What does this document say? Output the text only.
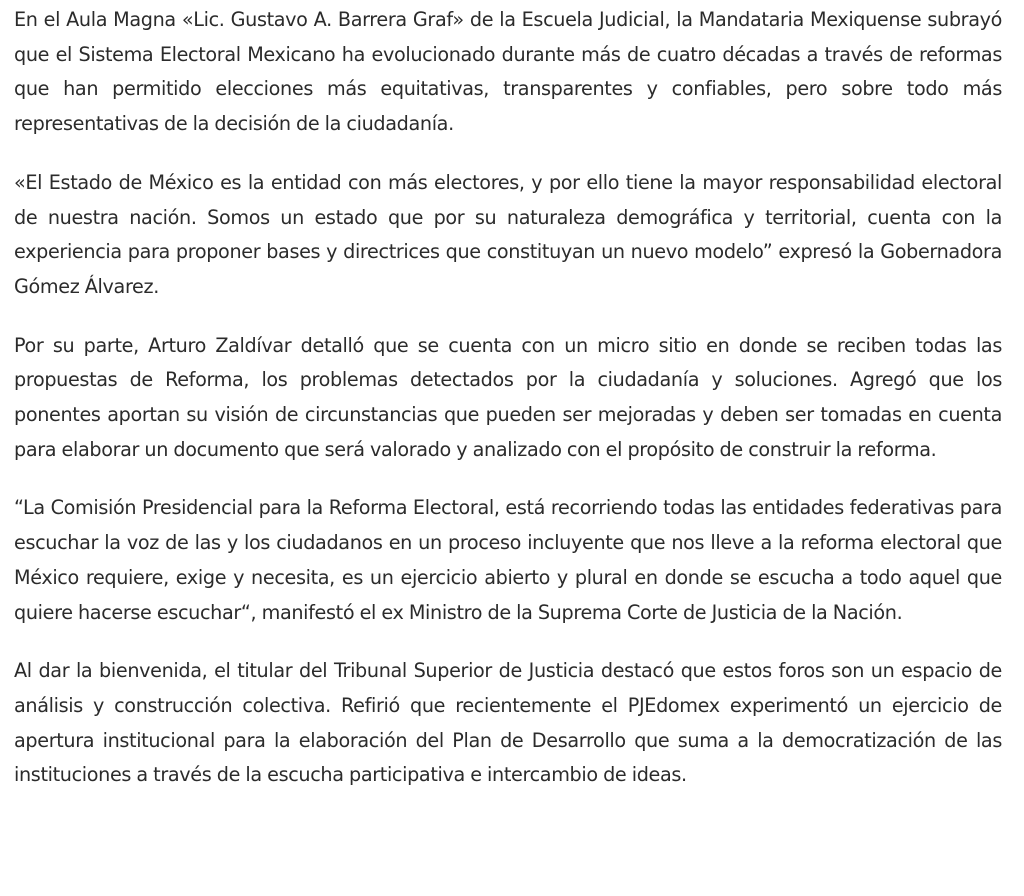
En el Aula Magna «Lic. Gustavo A. Barrera Graf» de la Escuela Judicial, la Mandataria Mexiquense subrayó que el Sistema Electoral Mexicano ha evolucionado durante más de cuatro décadas a través de reformas que han permitido elecciones más equitativas, transparentes y confiables, pero sobre todo más representativas de la decisión de la ciudadanía.

«El Estado de México es la entidad con más electores, y por ello tiene la mayor responsabilidad electoral de nuestra nación. Somos un estado que por su naturaleza demográfica y territorial, cuenta con la experiencia para proponer bases y directrices que constituyan un nuevo modelo” expresó la Gobernadora Gómez Álvarez.

Por su parte, Arturo Zaldívar detalló que se cuenta con un micro sitio en donde se reciben todas las propuestas de Reforma, los problemas detectados por la ciudadanía y soluciones. Agregó que los ponentes aportan su visión de circunstancias que pueden ser mejoradas y deben ser tomadas en cuenta para elaborar un documento que será valorado y analizado con el propósito de construir la reforma.

“La Comisión Presidencial para la Reforma Electoral, está recorriendo todas las entidades federativas para escuchar la voz de las y los ciudadanos en un proceso incluyente que nos lleve a la reforma electoral que México requiere, exige y necesita, es un ejercicio abierto y plural en donde se escucha a todo aquel que quiere hacerse escuchar“, manifestó el ex Ministro de la Suprema Corte de Justicia de la Nación.

Al dar la bienvenida, el titular del Tribunal Superior de Justicia destacó que estos foros son un espacio de análisis y construcción colectiva. Refirió que recientemente el PJEdomex experimentó un ejercicio de apertura institucional para la elaboración del Plan de Desarrollo que suma a la democratización de las instituciones a través de la escucha participativa e intercambio de ideas.
